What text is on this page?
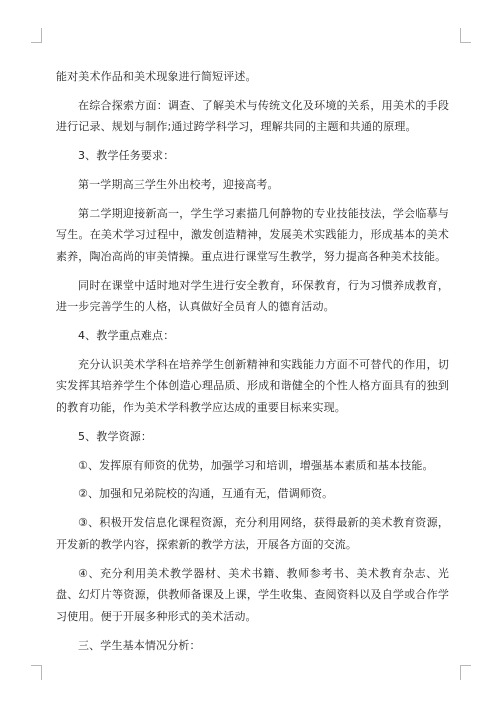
能对美术作品和美术现象进行简短评述。

在综合探索方面：调查、了解美术与传统文化及环境的关系，用美术的手段进行记录、规划与制作;通过跨学科学习，理解共同的主题和共通的原理。

3、教学任务要求：

第一学期高三学生外出校考，迎接高考。

第二学期迎接新高一，学生学习素描几何静物的专业技能技法，学会临摹与写生。在美术学习过程中，激发创造精神，发展美术实践能力，形成基本的美术素养，陶冶高尚的审美情操。重点进行课堂写生教学，努力提高各种美术技能。

同时在课堂中适时地对学生进行安全教育，环保教育，行为习惯养成教育，进一步完善学生的人格，认真做好全员育人的德育活动。

4、教学重点难点：

充分认识美术学科在培养学生创新精神和实践能力方面不可替代的作用，切实发挥其培养学生个体创造心理品质、形成和谐健全的个性人格方面具有的独到的教育功能，作为美术学科教学应达成的重要目标来实现。

5、教学资源：

①、发挥原有师资的优势，加强学习和培训，增强基本素质和基本技能。

②、加强和兄弟院校的沟通，互通有无，借调师资。

③、积极开发信息化课程资源，充分利用网络，获得最新的美术教育资源，开发新的教学内容，探索新的教学方法，开展各方面的交流。

④、充分利用美术教学器材、美术书籍、教师参考书、美术教育杂志、光盘、幻灯片等资源，供教师备课及上课，学生收集、查阅资料以及自学或合作学习使用。便于开展多种形式的美术活动。

三、学生基本情况分析：
